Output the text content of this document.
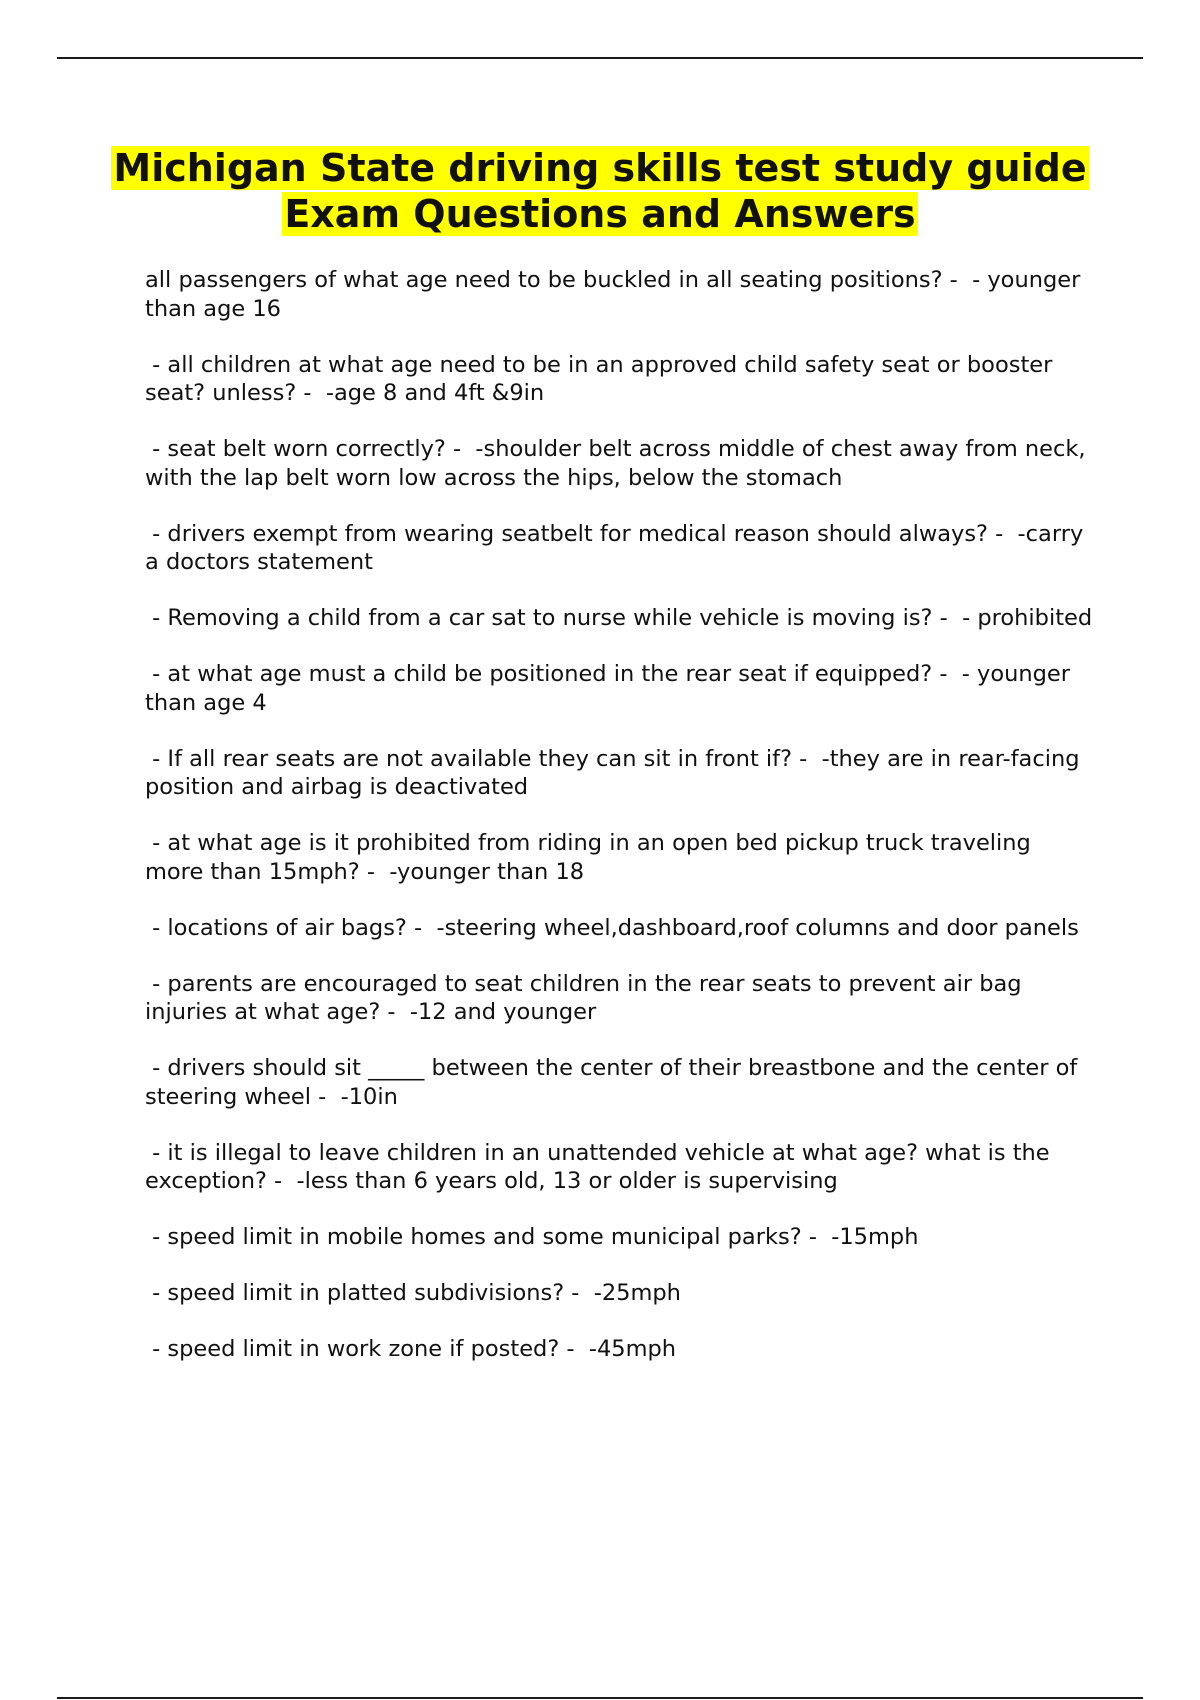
Michigan State driving skills test study guide Exam Questions and Answers
all passengers of what age need to be buckled in all seating positions? -  - younger than age 16
- all children at what age need to be in an approved child safety seat or booster seat? unless? -  -age 8 and 4ft &9in
- seat belt worn correctly? -  -shoulder belt across middle of chest away from neck, with the lap belt worn low across the hips, below the stomach
- drivers exempt from wearing seatbelt for medical reason should always? -  -carry a doctors statement
- Removing a child from a car sat to nurse while vehicle is moving is? -  - prohibited
- at what age must a child be positioned in the rear seat if equipped? -  - younger than age 4
- If all rear seats are not available they can sit in front if? -  -they are in rear-facing position and airbag is deactivated
- at what age is it prohibited from riding in an open bed pickup truck traveling more than 15mph? -  -younger than 18
- locations of air bags? -  -steering wheel,dashboard,roof columns and door panels
- parents are encouraged to seat children in the rear seats to prevent air bag injuries at what age? -  -12 and younger
- drivers should sit _____ between the center of their breastbone and the center of steering wheel -  -10in
- it is illegal to leave children in an unattended vehicle at what age? what is the exception? -  -less than 6 years old, 13 or older is supervising
- speed limit in mobile homes and some municipal parks? -  -15mph
- speed limit in platted subdivisions? -  -25mph
- speed limit in work zone if posted? -  -45mph
